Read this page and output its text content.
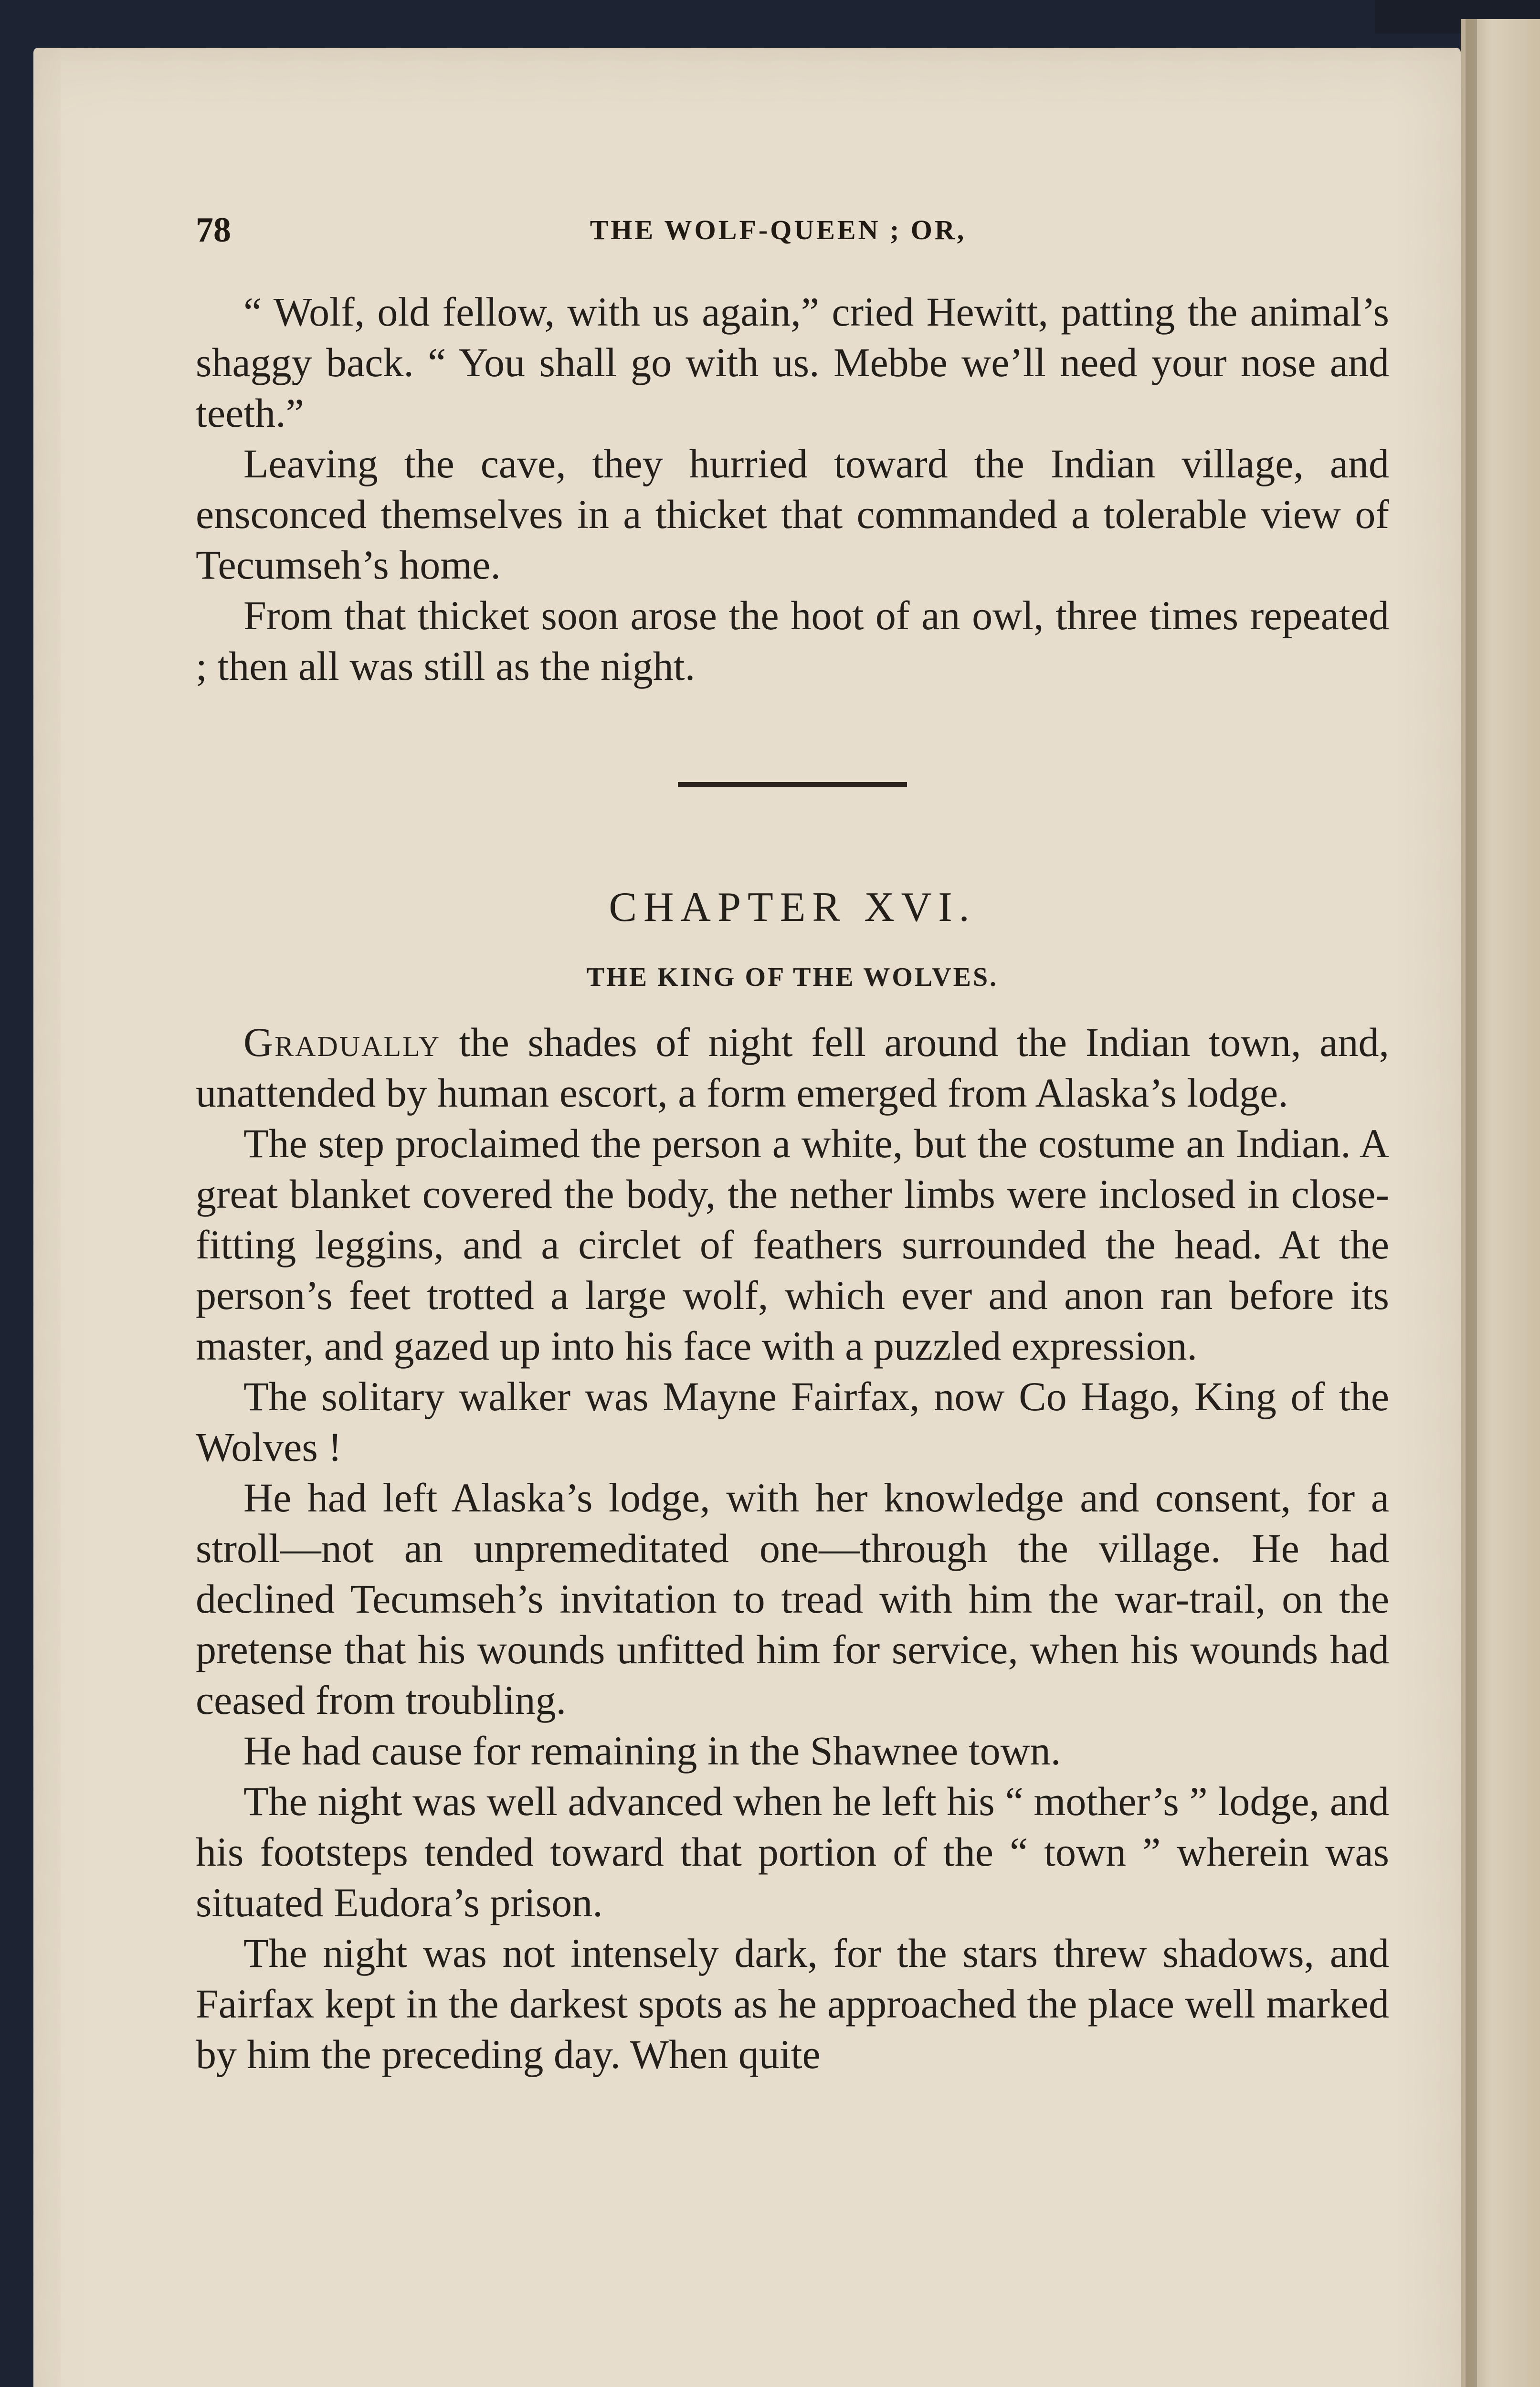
78	THE WOLF-QUEEN ; OR,

“ Wolf, old fellow, with us again,” cried Hewitt, patting the animal’s shaggy back. “ You shall go with us. Mebbe we’ll need your nose and teeth.”

Leaving the cave, they hurried toward the Indian village, and ensconced themselves in a thicket that commanded a tolerable view of Tecumseh’s home.

From that thicket soon arose the hoot of an owl, three times repeated ; then all was still as the night.

CHAPTER XVI.
THE KING OF THE WOLVES.

Gradually the shades of night fell around the Indian town, and, unattended by human escort, a form emerged from Alaska’s lodge.

The step proclaimed the person a white, but the costume an Indian. A great blanket covered the body, the nether limbs were inclosed in close-fitting leggins, and a circlet of feathers surrounded the head. At the person’s feet trotted a large wolf, which ever and anon ran before its master, and gazed up into his face with a puzzled expression.

The solitary walker was Mayne Fairfax, now Co Hago, King of the Wolves !

He had left Alaska’s lodge, with her knowledge and consent, for a stroll—not an unpremeditated one—through the village. He had declined Tecumseh’s invitation to tread with him the war-trail, on the pretense that his wounds unfitted him for service, when his wounds had ceased from troubling.

He had cause for remaining in the Shawnee town.

The night was well advanced when he left his “ mother’s ” lodge, and his footsteps tended toward that portion of the “ town ” wherein was situated Eudora’s prison.

The night was not intensely dark, for the stars threw shadows, and Fairfax kept in the darkest spots as he approached the place well marked by him the preceding day. When quite
